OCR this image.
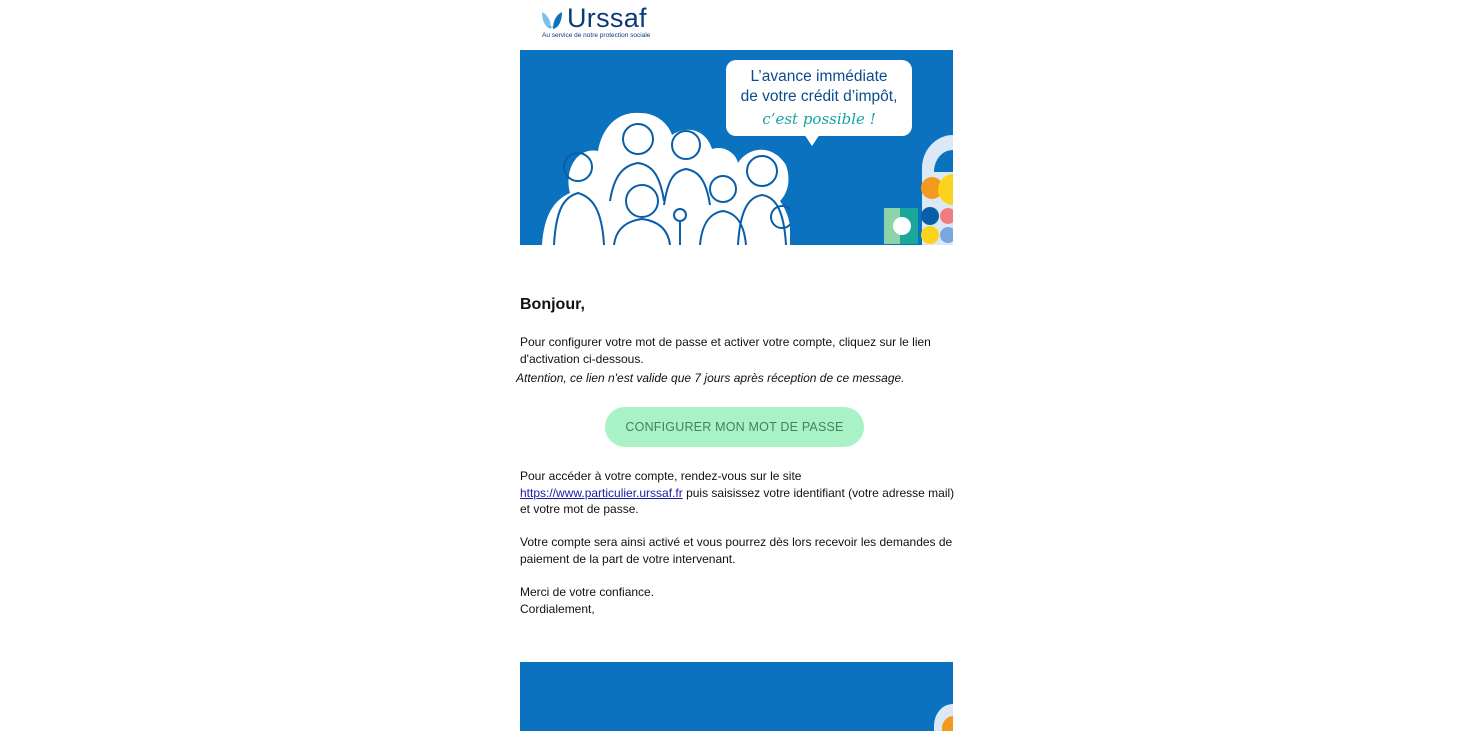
Urssaf
Au service de notre protection sociale
L’avance immédiate
de votre crédit d’impôt,
c’est possible !
Bonjour,
Pour configurer votre mot de passe et activer votre compte, cliquez sur le lien d'activation ci-dessous.
Attention, ce lien n'est valide que 7 jours après réception de ce message.
CONFIGURER MON MOT DE PASSE
Pour accéder à votre compte, rendez-vous sur le site https://www.particulier.urssaf.fr puis saisissez votre identifiant (votre adresse mail) et votre mot de passe.
Votre compte sera ainsi activé et vous pourrez dès lors recevoir les demandes de paiement de la part de votre intervenant.
Merci de votre confiance.
Cordialement,
